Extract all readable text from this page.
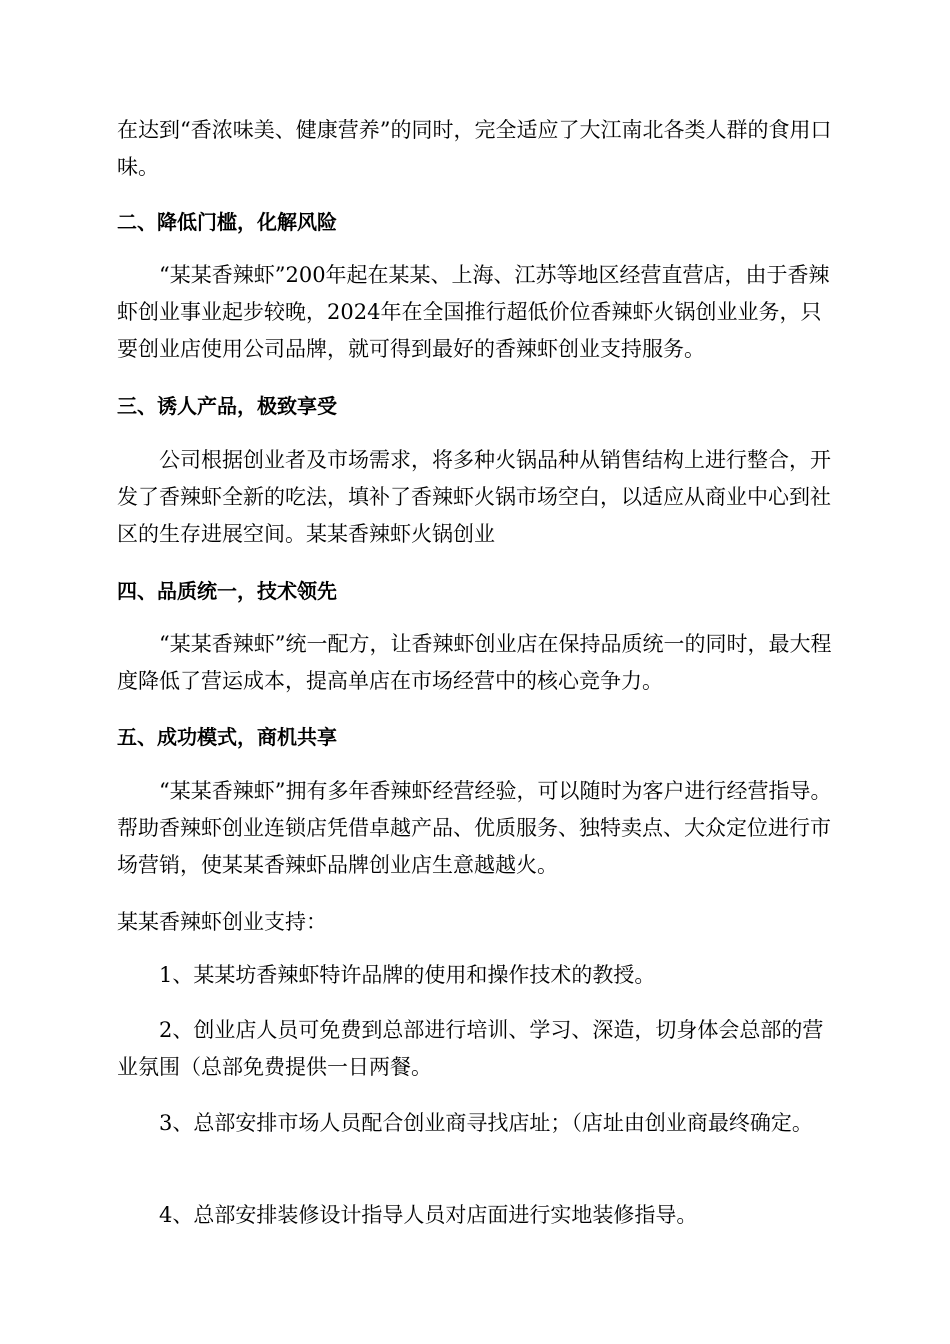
在达到“香浓味美、健康营养”的同时，完全适应了大江南北各类人群的食用口味。

二、降低门槛，化解风险

“某某香辣虾”200年起在某某、上海、江苏等地区经营直营店，由于香辣虾创业事业起步较晚，2024年在全国推行超低价位香辣虾火锅创业业务，只要创业店使用公司品牌，就可得到最好的香辣虾创业支持服务。

三、诱人产品，极致享受

公司根据创业者及市场需求，将多种火锅品种从销售结构上进行整合，开发了香辣虾全新的吃法，填补了香辣虾火锅市场空白，以适应从商业中心到社区的生存进展空间。某某香辣虾火锅创业

四、品质统一，技术领先

“某某香辣虾”统一配方，让香辣虾创业店在保持品质统一的同时，最大程度降低了营运成本，提高单店在市场经营中的核心竞争力。

五、成功模式，商机共享

“某某香辣虾”拥有多年香辣虾经营经验，可以随时为客户进行经营指导。帮助香辣虾创业连锁店凭借卓越产品、优质服务、独特卖点、大众定位进行市场营销，使某某香辣虾品牌创业店生意越越火。

某某香辣虾创业支持：

1、某某坊香辣虾特许品牌的使用和操作技术的教授。

2、创业店人员可免费到总部进行培训、学习、深造，切身体会总部的营业氛围（总部免费提供一日两餐。

3、总部安排市场人员配合创业商寻找店址；（店址由创业商最终确定。

4、总部安排装修设计指导人员对店面进行实地装修指导。
